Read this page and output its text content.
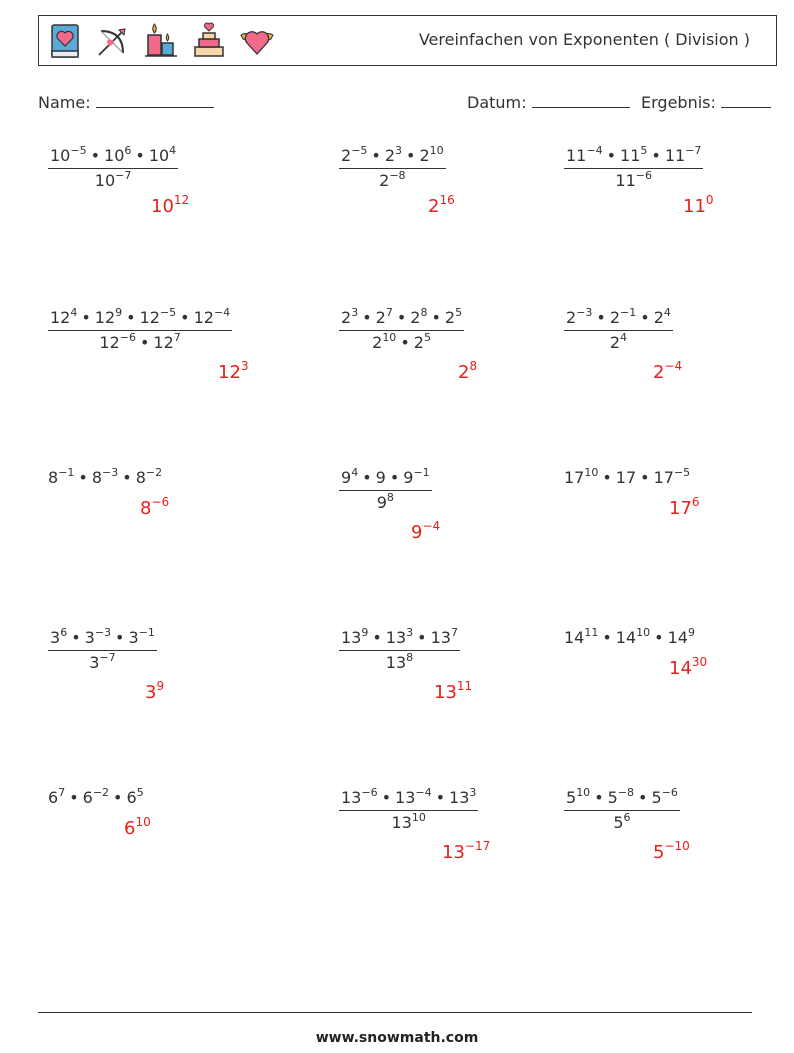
Vereinfachen von Exponenten ( Division )
Name:	Datum:	Ergebnis:
$\frac{10^{-5} • 10^6 • 10^4}{10^{-7}}$
$10^{12}$
$\frac{2^{-5} • 2^3 • 2^{10}}{2^{-8}}$
$2^{16}$
$\frac{11^{-4} • 11^5 • 11^{-7}}{11^{-6}}$
$11^0$
$\frac{12^4 • 12^9 • 12^{-5} • 12^{-4}}{12^{-6} • 12^7}$
$12^3$
$\frac{2^3 • 2^7 • 2^8 • 2^5}{2^{10} • 2^5}$
$2^8$
$\frac{2^{-3} • 2^{-1} • 2^4}{2^4}$
$2^{-4}$
$8^{-1}$ • $8^{-3}$ • $8^{-2}$
$8^{-6}$	$\frac{9^4 • 9 • 9^{-1}}{9^8}$
$9^{-4}$
$17^{10}$ • 17 • $17^{-5}$
$17^6$
$\frac{3^6 • 3^{-3} • 3^{-1}}{3^{-7}}$
$3^9$
$\frac{13^9 • 13^3 • 13^7}{13^8}$
$13^{11}$
$14^{11}$ • $14^{10}$ • $14^9$
$14^{30}$
$6^7$ • $6^{-2}$ • $6^5$
$6^{10}$	$\frac{13^{-6} • 13^{-4} • 13^3}{13^{10}}$
$13^{-17}$
$\frac{5^{10} • 5^{-8} • 5^{-6}}{5^6}$
$5^{-10}$
www.snowmath.com
